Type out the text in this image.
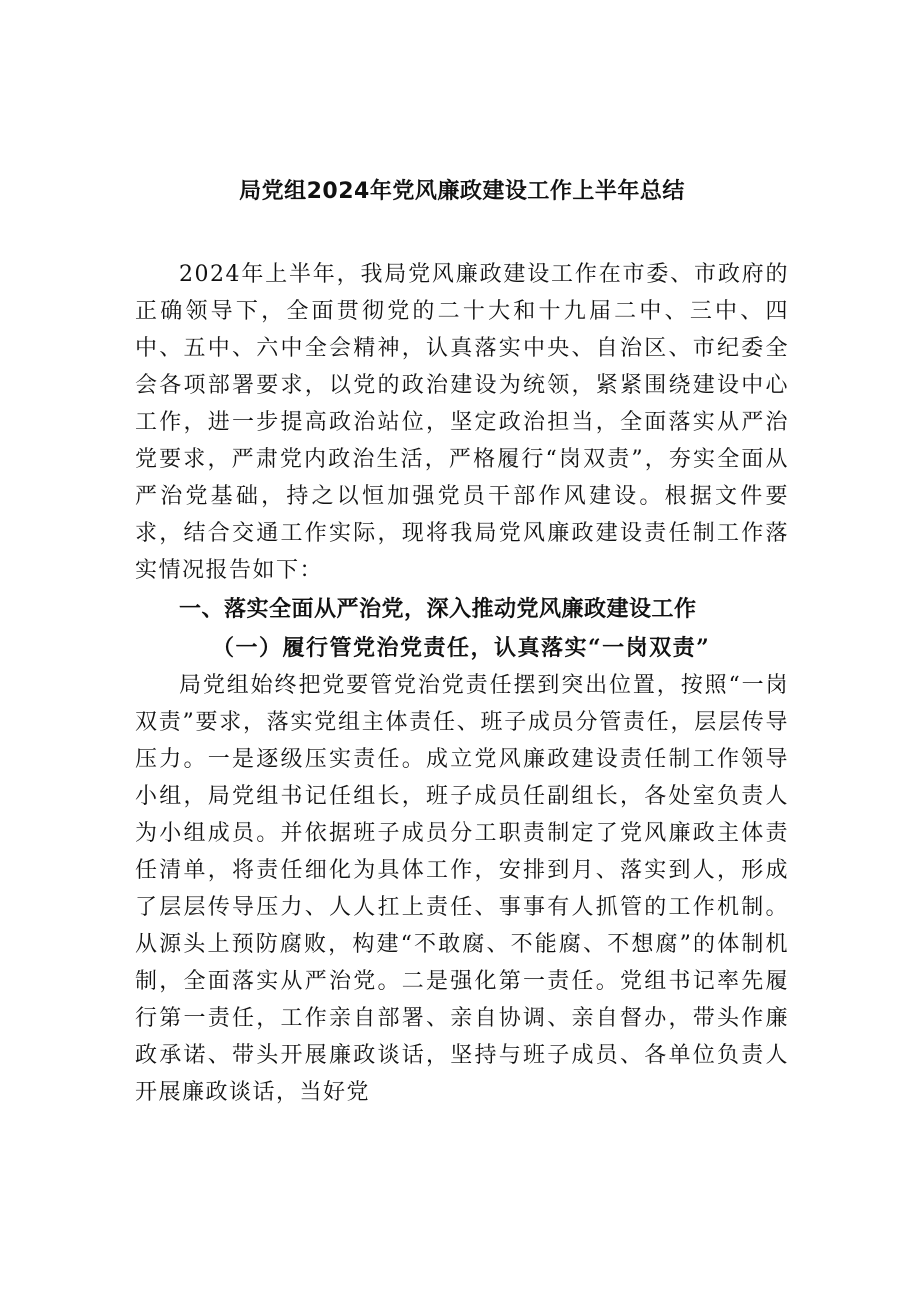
局党组2024年党风廉政建设工作上半年总结

2024年上半年，我局党风廉政建设工作在市委、市政府的正确领导下，全面贯彻党的二十大和十九届二中、三中、四中、五中、六中全会精神，认真落实中央、自治区、市纪委全会各项部署要求，以党的政治建设为统领，紧紧围绕建设中心工作，进一步提高政治站位，坚定政治担当，全面落实从严治党要求，严肃党内政治生活，严格履行“岗双责”，夯实全面从严治党基础，持之以恒加强党员干部作风建设。根据文件要求，结合交通工作实际，现将我局党风廉政建设责任制工作落实情况报告如下：

一、落实全面从严治党，深入推动党风廉政建设工作
（一）履行管党治党责任，认真落实“一岗双责”

局党组始终把党要管党治党责任摆到突出位置，按照“一岗双责”要求，落实党组主体责任、班子成员分管责任，层层传导压力。一是逐级压实责任。成立党风廉政建设责任制工作领导小组，局党组书记任组长，班子成员任副组长，各处室负责人为小组成员。并依据班子成员分工职责制定了党风廉政主体责任清单，将责任细化为具体工作，安排到月、落实到人，形成了层层传导压力、人人扛上责任、事事有人抓管的工作机制。从源头上预防腐败，构建“不敢腐、不能腐、不想腐”的体制机制，全面落实从严治党。二是强化第一责任。党组书记率先履行第一责任，工作亲自部署、亲自协调、亲自督办，带头作廉政承诺、带头开展廉政谈话，坚持与班子成员、各单位负责人开展廉政谈话，当好党
